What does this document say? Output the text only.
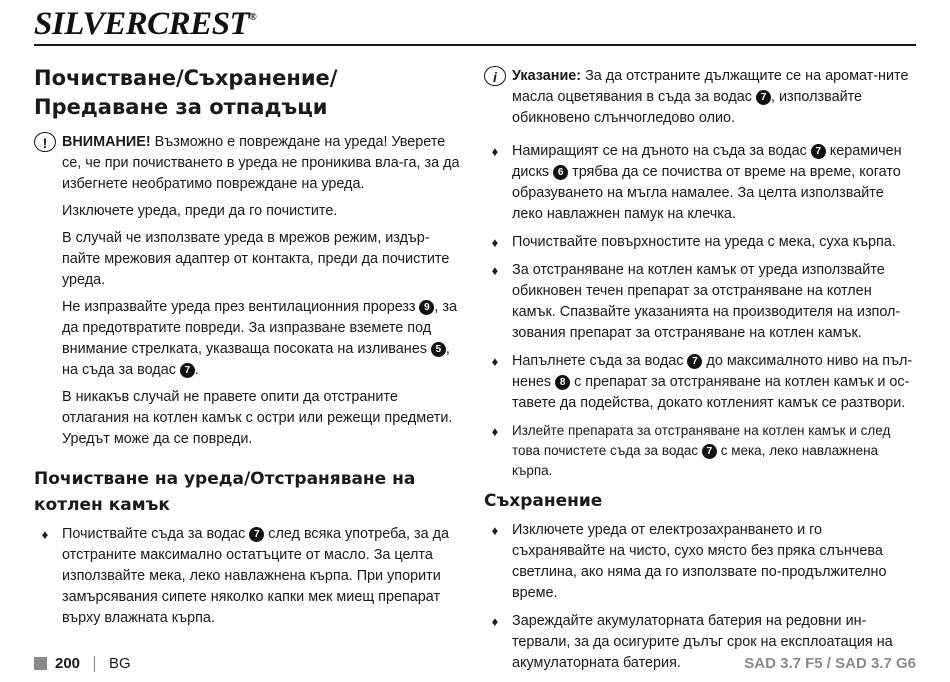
SILVERCREST®
Почистване/Съхранение/
Предаване за отпадъци
!	ВНИМАНИЕ! Възможно е повреждане на уреда! Уверете се, че при почистването в уреда не проникива вла-га, за да избегнете необратимо повреждане на уреда.

Изключете уреда, преди да го почистите.

В случай че използвате уреда в мрежов режим, издър-пайте мрежовия адаптер от контакта, преди да почистите уреда.

Не изпразвайте уреда през вентилационния прорезз 9 , за да предотвратите повреди. За изпразване вземете под внимание стрелката, указваща посоката на изливанеs 5 , на съда за водас 7 .

В никакъв случай не правете опити да отстраните отлагания на котлен камък с остри или режещи предмети. Уредът може да се повреди.

Почистване на уреда/Отстраняване на котлен камък
♦ Почиствайте съда за водас 7 след всяка употреба, за да отстраните максимално остатъците от масло. За целта използвайте мека, леко навлажнена кърпа. При упорити замърсявания сипете няколко капки мек миещ препарат върху влажната кърпа.
i	Указание: За да отстраните дължащите се на аромат-ните масла оцветявания в съда за водас 7 , използвайте обикновено слънчогледово олио.

♦ Намиращият се на дъното на съда за водас 7 керамичен дискs 6 трябва да се почиства от време на време, когато образуването на мъгла намалее. За целта използвайте леко навлажнен памук на клечка.
♦ Почиствайте повърхностите на уреда с мека, суха кърпа.
♦ За отстраняване на котлен камък от уреда използвайте обикновен течен препарат за отстраняване на котлен камък. Спазвайте указанията на производителя на изпол-зования препарат за отстраняване на котлен камък.
♦ Напълнете съда за водас 7 до максималното ниво на пъл-ненеs 8 с препарат за отстраняване на котлен камък и ос-тавете да подейства, докато котленият камък се разтвори.
♦	Излейте препарата за отстраняване на котлен камък и след това почистете съда за водас 7 с мека, леко навлажнена кърпа.
Съхранение
♦ Изключете уреда от електрозахранването и го съхранявайте на чисто, сухо място без пряка слънчева светлина, ако няма да го използвате по-продължително време.
♦ Зареждайте акумулаторната батерия на редовни ин-тервали, за да осигурите дълъг срок на експлоатация на акумулаторната батерия.
200 BG	SAD 3.7 F5 / SAD 3.7 G6
